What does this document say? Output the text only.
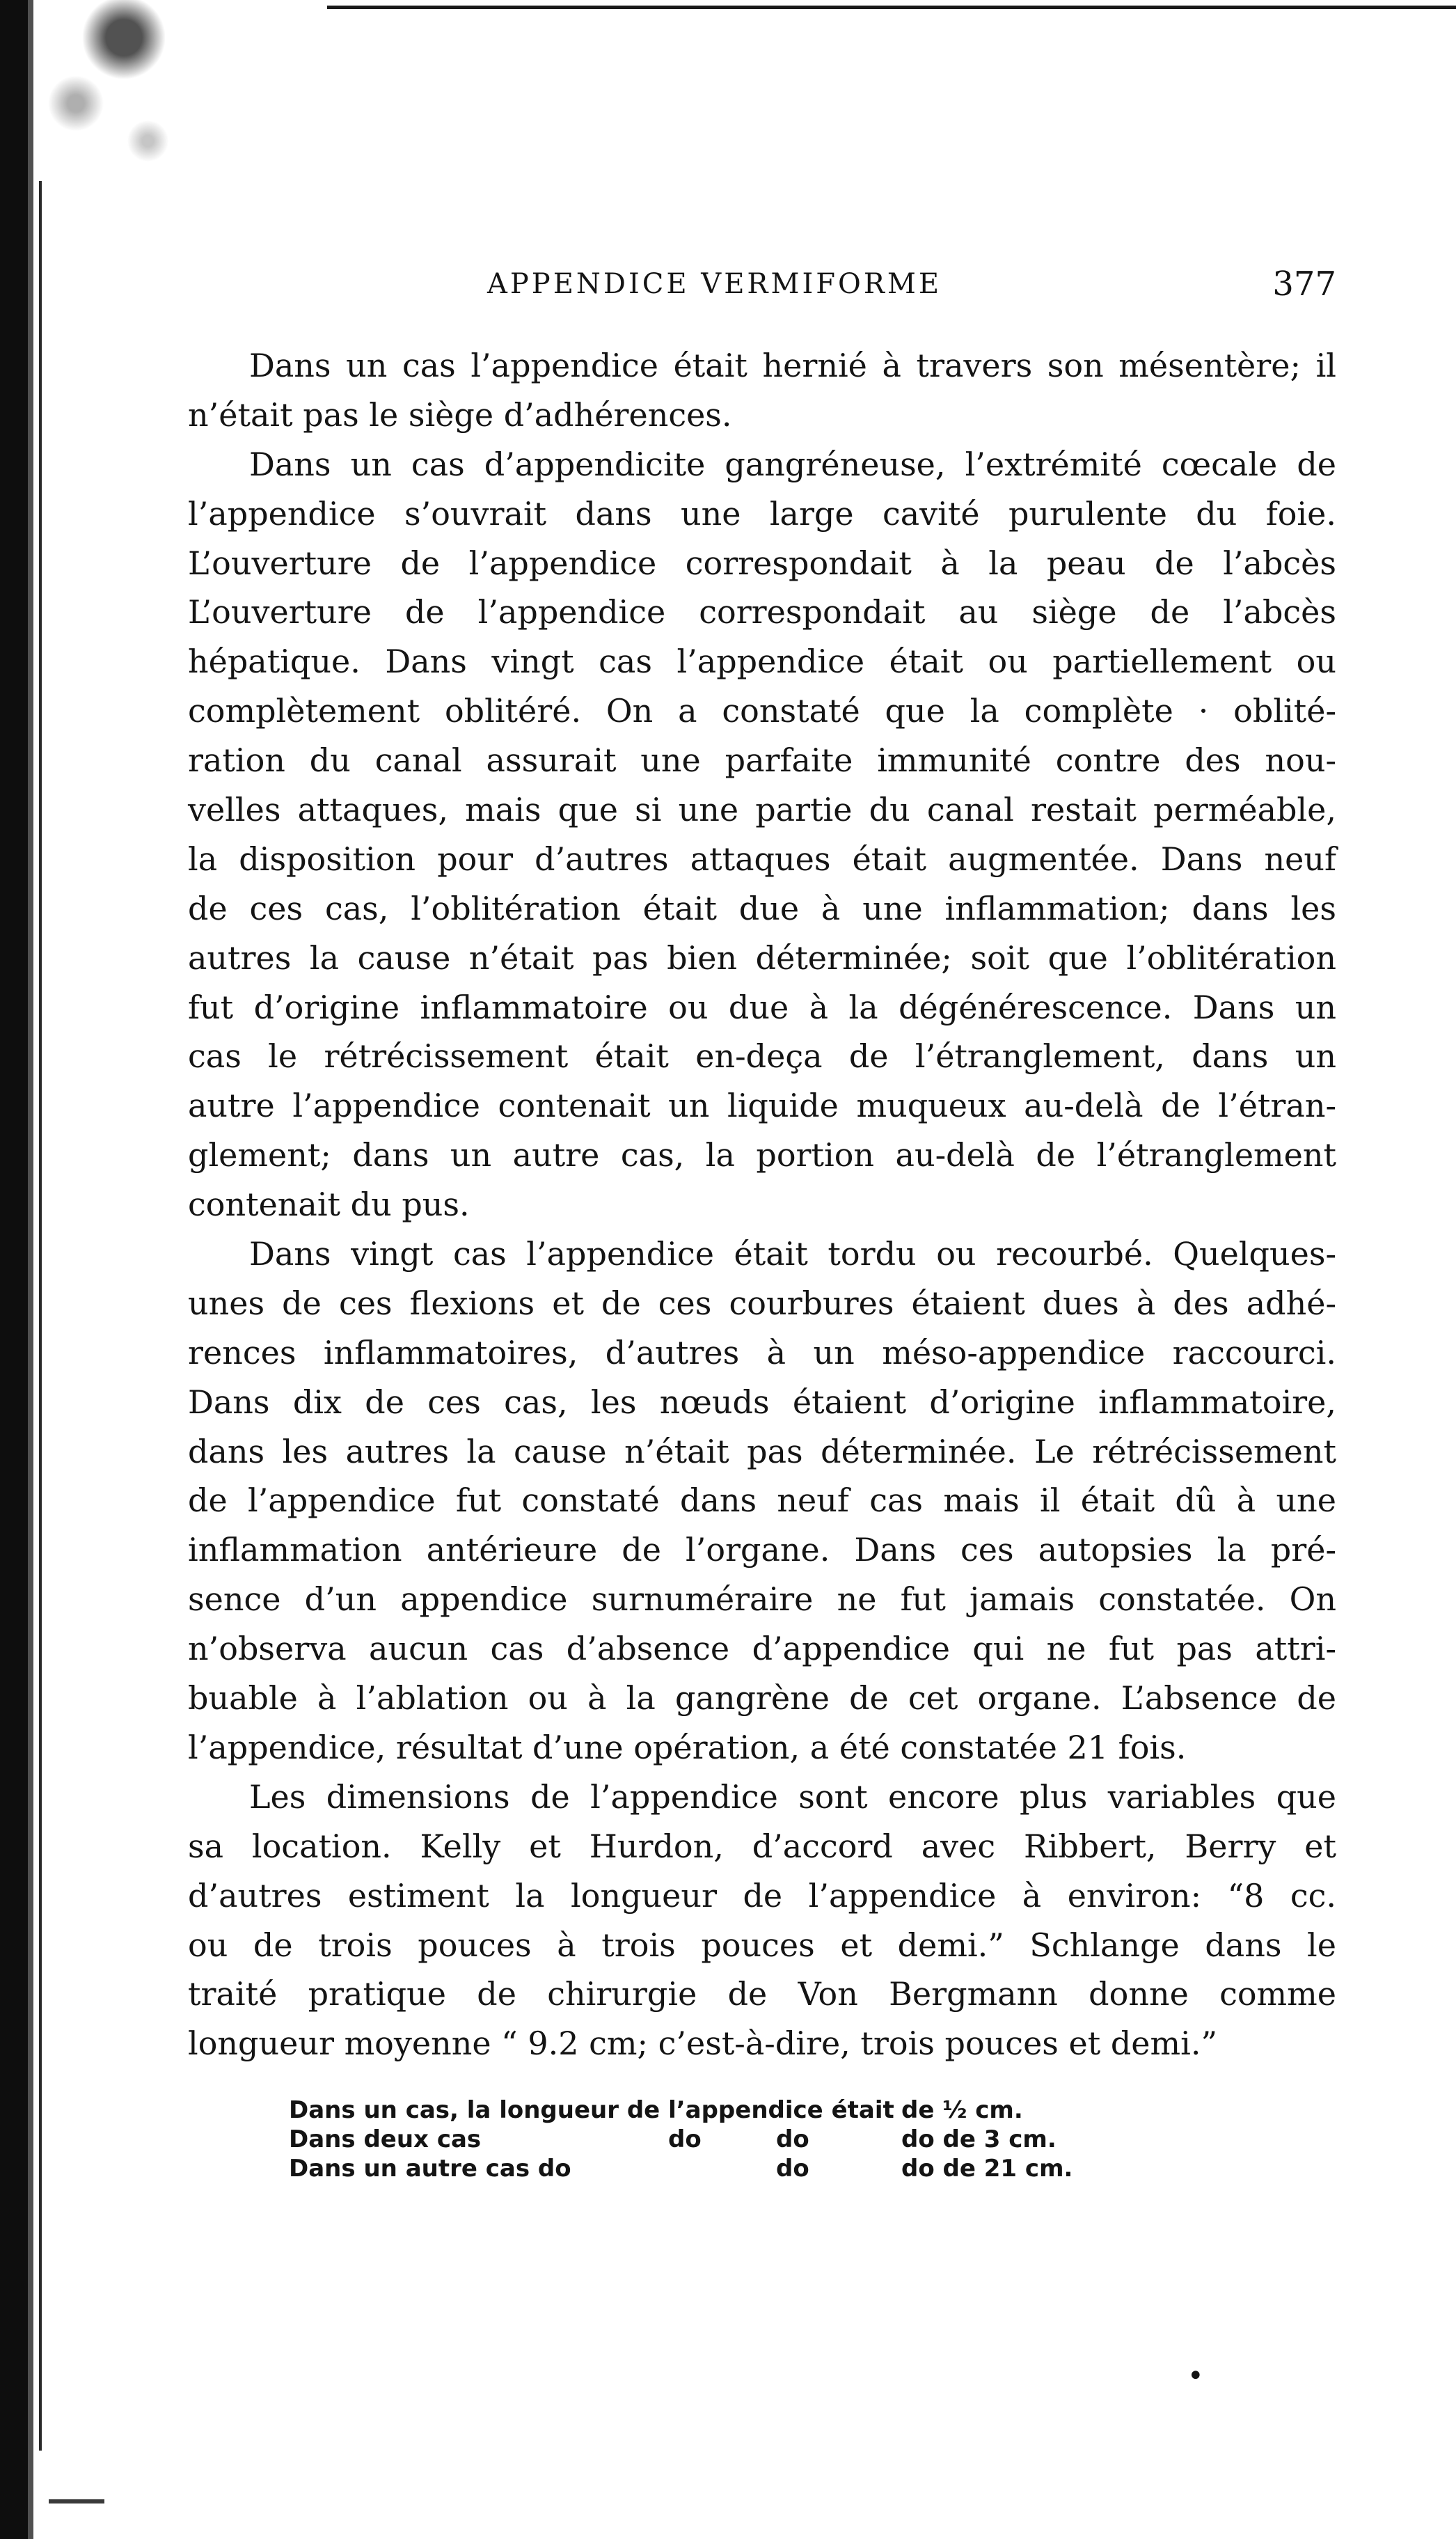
APPENDICE VERMIFORME	377
Dans un cas l’appendice était hernié à travers son mésentère; il
n’était pas le siège d’adhérences.
Dans un cas d’appendicite gangréneuse, l’extrémité cœcale de
l’appendice s’ouvrait dans une large cavité purulente du foie.
L’ouverture de l’appendice correspondait à la peau de l’abcès
L’ouverture de l’appendice correspondait au siège de l’abcès
hépatique. Dans vingt cas l’appendice était ou partiellement ou
complètement oblitéré. On a constaté que la complète · oblité-
ration du canal assurait une parfaite immunité contre des nou-
velles attaques, mais que si une partie du canal restait perméable,
la disposition pour d’autres attaques était augmentée. Dans neuf
de ces cas, l’oblitération était due à une inflammation; dans les
autres la cause n’était pas bien déterminée; soit que l’oblitération
fut d’origine inflammatoire ou due à la dégénérescence. Dans un
cas le rétrécissement était en-deça de l’étranglement, dans un
autre l’appendice contenait un liquide muqueux au-delà de l’étran-
glement; dans un autre cas, la portion au-delà de l’étranglement
contenait du pus.
Dans vingt cas l’appendice était tordu ou recourbé. Quelques-
unes de ces flexions et de ces courbures étaient dues à des adhé-
rences inflammatoires, d’autres à un méso-appendice raccourci.
Dans dix de ces cas, les nœuds étaient d’origine inflammatoire,
dans les autres la cause n’était pas déterminée. Le rétrécissement
de l’appendice fut constaté dans neuf cas mais il était dû à une
inflammation antérieure de l’organe. Dans ces autopsies la pré-
sence d’un appendice surnuméraire ne fut jamais constatée. On
n’observa aucun cas d’absence d’appendice qui ne fut pas attri-
buable à l’ablation ou à la gangrène de cet organe. L’absence de
l’appendice, résultat d’une opération, a été constatée 21 fois.
Les dimensions de l’appendice sont encore plus variables que
sa location. Kelly et Hurdon, d’accord avec Ribbert, Berry et
d’autres estiment la longueur de l’appendice à environ: “8 cc.
ou de trois pouces à trois pouces et demi.” Schlange dans le
traité pratique de chirurgie de Von Bergmann donne comme
longueur moyenne “ 9.2 cm; c’est-à-dire, trois pouces et demi.”
Dans un cas, la longueur de l’appendice était de ½ cm.
Dans deux cas	do	do	do de 3 cm.
Dans un autre cas do	do	do de 21 cm.
•
